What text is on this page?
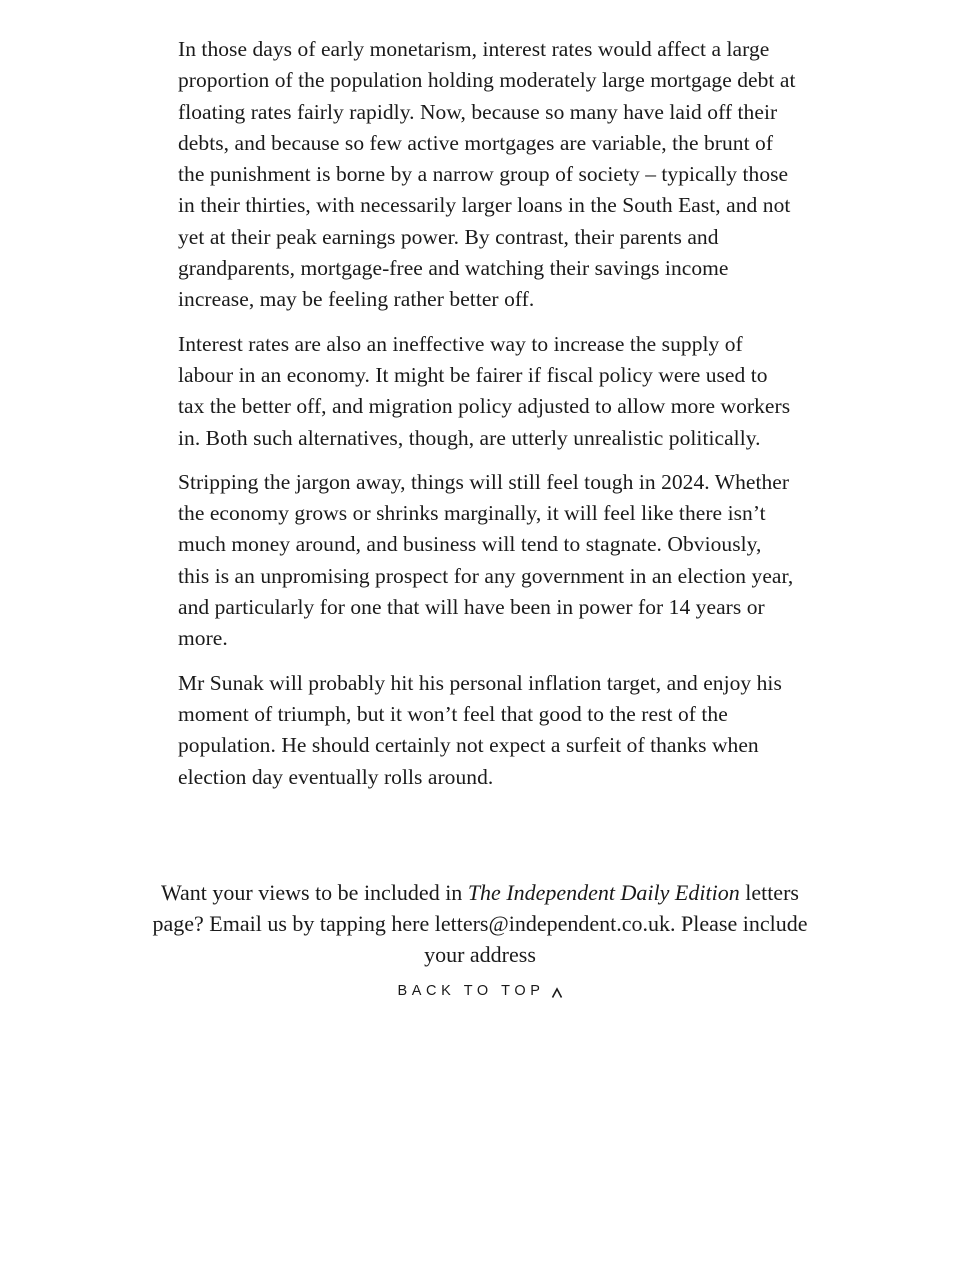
In those days of early monetarism, interest rates would affect a large proportion of the population holding moderately large mortgage debt at floating rates fairly rapidly. Now, because so many have laid off their debts, and because so few active mortgages are variable, the brunt of the punishment is borne by a narrow group of society – typically those in their thirties, with necessarily larger loans in the South East, and not yet at their peak earnings power. By contrast, their parents and grandparents, mortgage-free and watching their savings income increase, may be feeling rather better off.

Interest rates are also an ineffective way to increase the supply of labour in an economy. It might be fairer if fiscal policy were used to tax the better off, and migration policy adjusted to allow more workers in. Both such alternatives, though, are utterly unrealistic politically.

Stripping the jargon away, things will still feel tough in 2024. Whether the economy grows or shrinks marginally, it will feel like there isn’t much money around, and business will tend to stagnate. Obviously, this is an unpromising prospect for any government in an election year, and particularly for one that will have been in power for 14 years or more.

Mr Sunak will probably hit his personal inflation target, and enjoy his moment of triumph, but it won’t feel that good to the rest of the population. He should certainly not expect a surfeit of thanks when election day eventually rolls around.

Want your views to be included in The Independent Daily Edition letters page? Email us by tapping here letters@independent.co.uk. Please include your address
BACK TO TOP
